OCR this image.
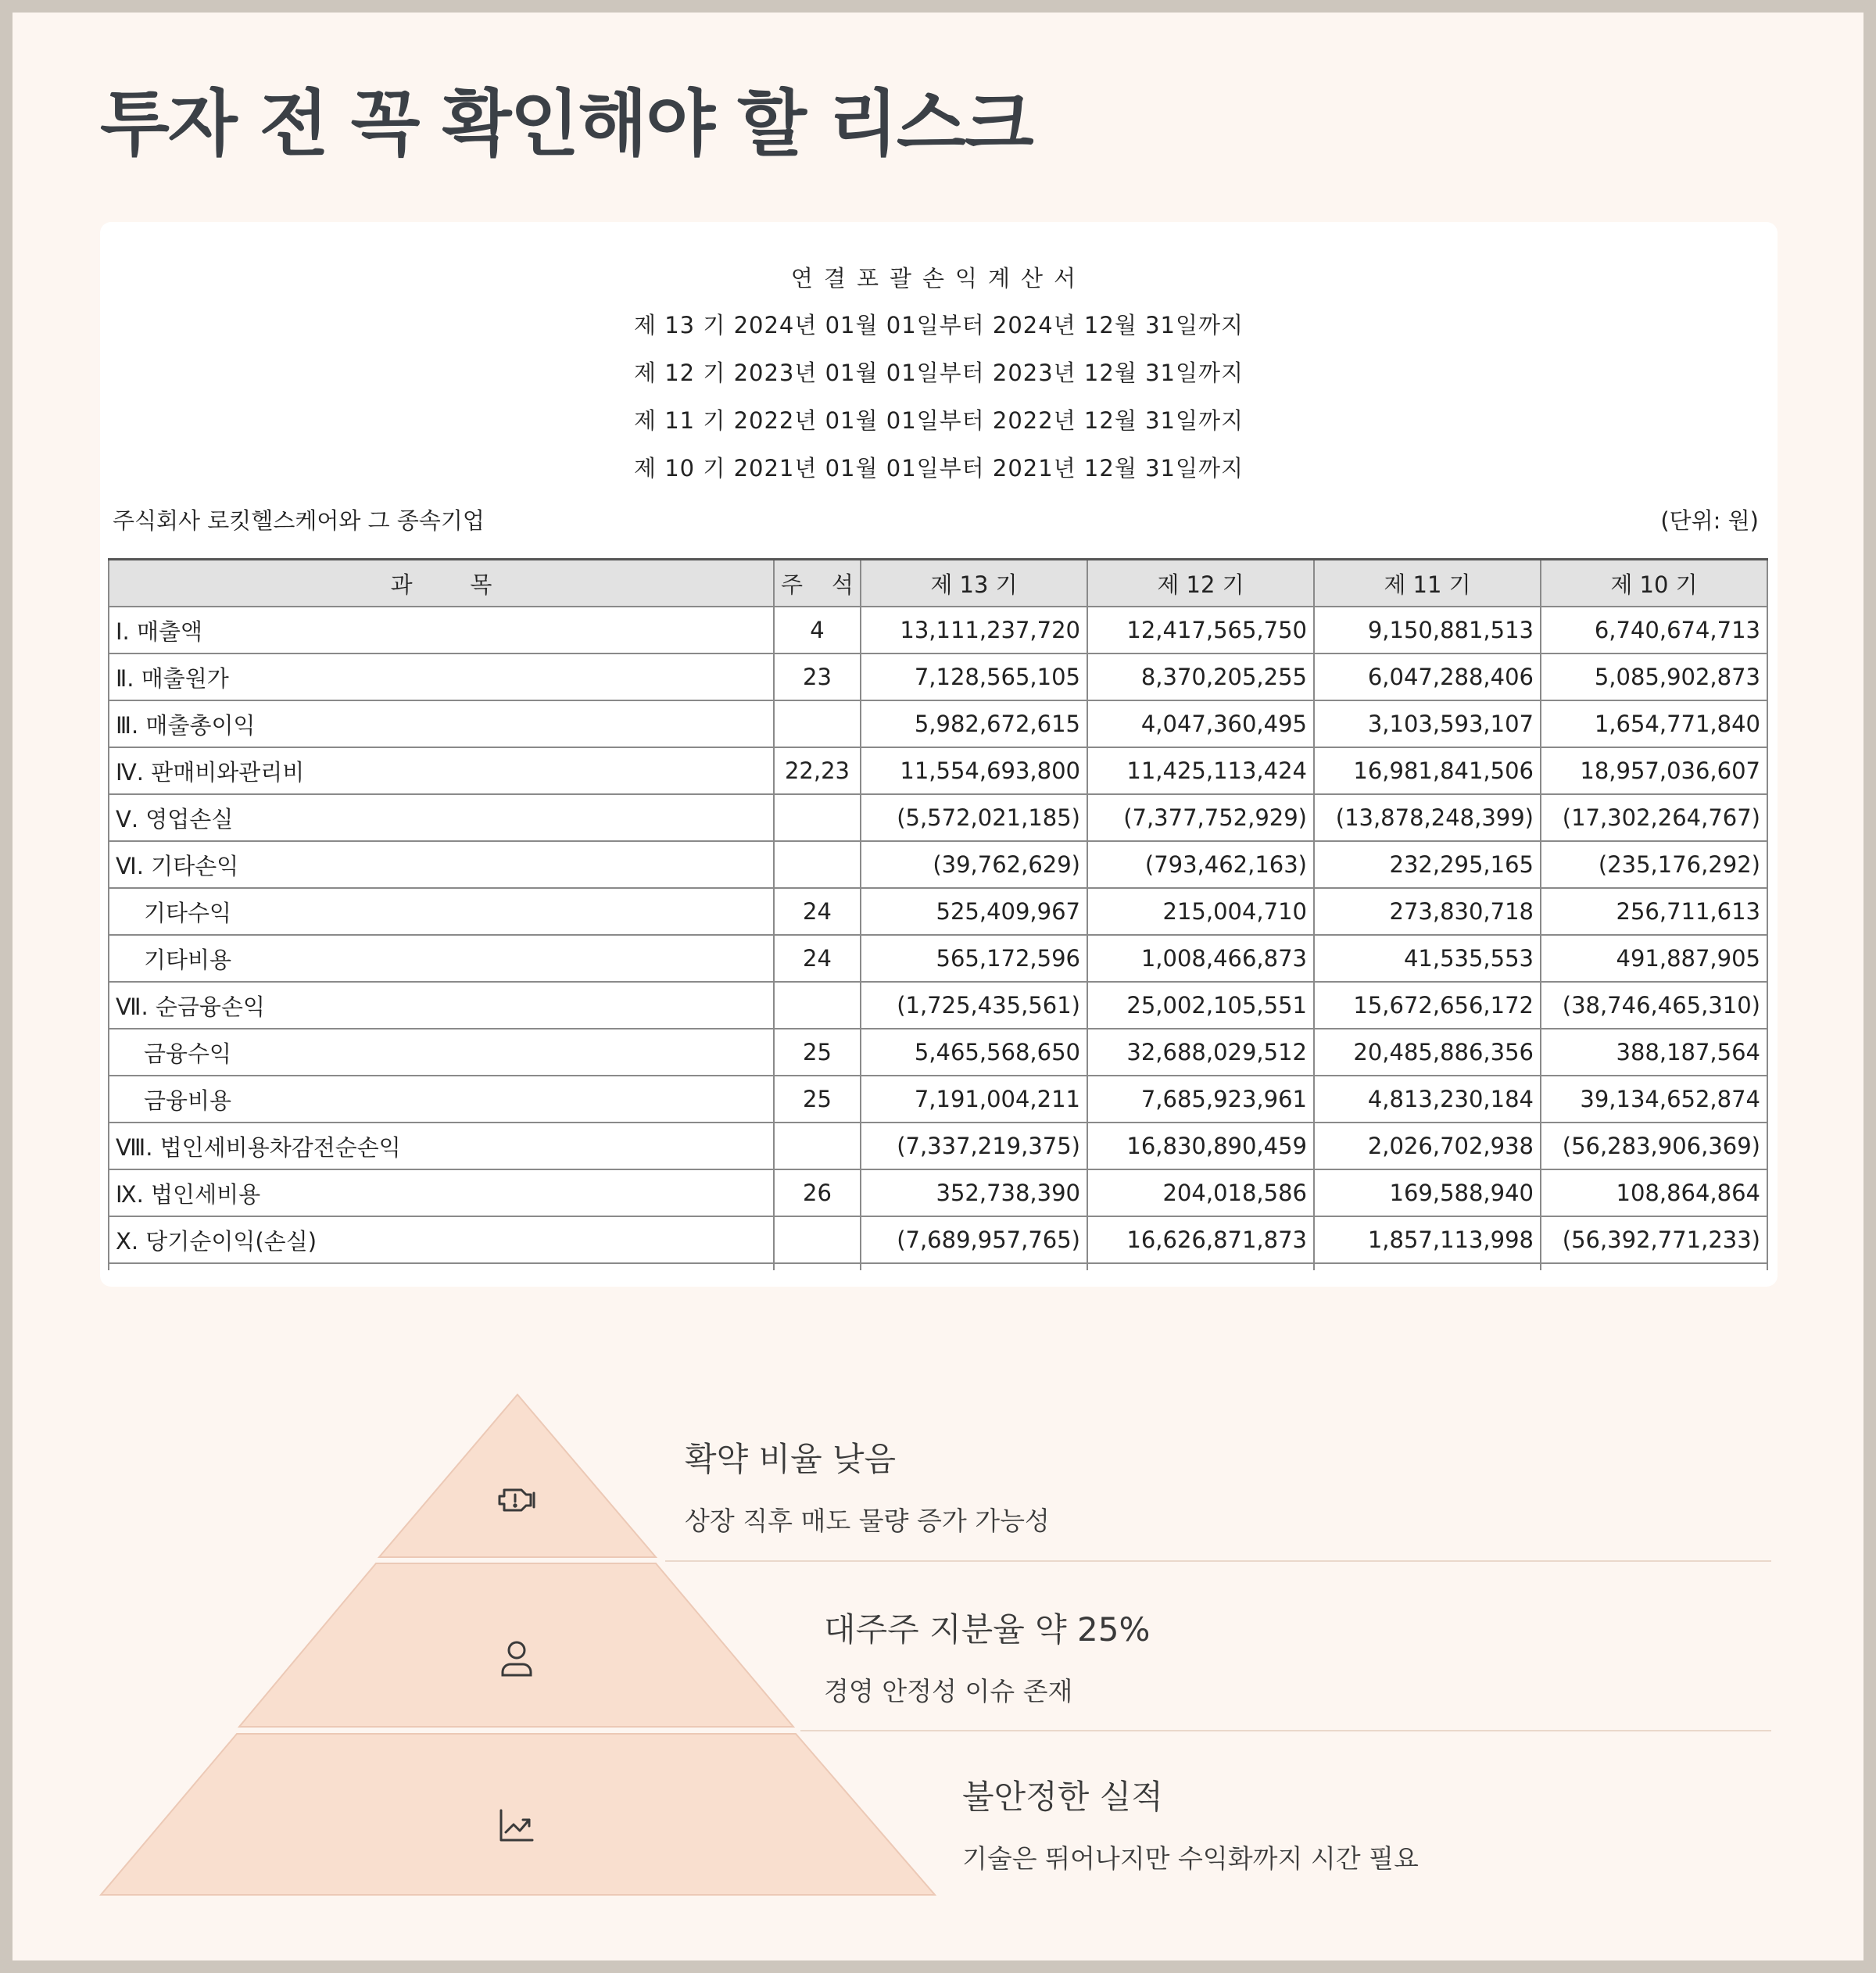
투자 전 꼭 확인해야 할 리스크
연결포괄손익계산서
제 13 기 2024년 01월 01일부터 2024년 12월 31일까지
제 12 기 2023년 01월 01일부터 2023년 12월 31일까지
제 11 기 2022년 01월 01일부터 2022년 12월 31일까지
제 10 기 2021년 01월 01일부터 2021년 12월 31일까지
주식회사 로킷헬스케어와 그 종속기업	(단위: 원)
과        목	주    석	제 13 기	제 12 기	제 11 기	제 10 기
Ⅰ. 매출액	4	13,111,237,720	12,417,565,750	9,150,881,513	6,740,674,713
Ⅱ. 매출원가	23	7,128,565,105	8,370,205,255	6,047,288,406	5,085,902,873
Ⅲ. 매출총이익		5,982,672,615	4,047,360,495	3,103,593,107	1,654,771,840
Ⅳ. 판매비와관리비	22,23	11,554,693,800	11,425,113,424	16,981,841,506	18,957,036,607
Ⅴ. 영업손실		(5,572,021,185)	(7,377,752,929)	(13,878,248,399)	(17,302,264,767)
Ⅵ. 기타손익		(39,762,629)	(793,462,163)	232,295,165	(235,176,292)
기타수익	24	525,409,967	215,004,710	273,830,718	256,711,613
기타비용	24	565,172,596	1,008,466,873	41,535,553	491,887,905
Ⅶ. 순금융손익		(1,725,435,561)	25,002,105,551	15,672,656,172	(38,746,465,310)
금융수익	25	5,465,568,650	32,688,029,512	20,485,886,356	388,187,564
금융비용	25	7,191,004,211	7,685,923,961	4,813,230,184	39,134,652,874
Ⅷ. 법인세비용차감전순손익		(7,337,219,375)	16,830,890,459	2,026,702,938	(56,283,906,369)
Ⅸ. 법인세비용	26	352,738,390	204,018,586	169,588,940	108,864,864
Ⅹ. 당기순이익(손실)		(7,689,957,765)	16,626,871,873	1,857,113,998	(56,392,771,233)

확약 비율 낮음
상장 직후 매도 물량 증가 가능성
대주주 지분율 약 25%
경영 안정성 이슈 존재
불안정한 실적
기술은 뛰어나지만 수익화까지 시간 필요
